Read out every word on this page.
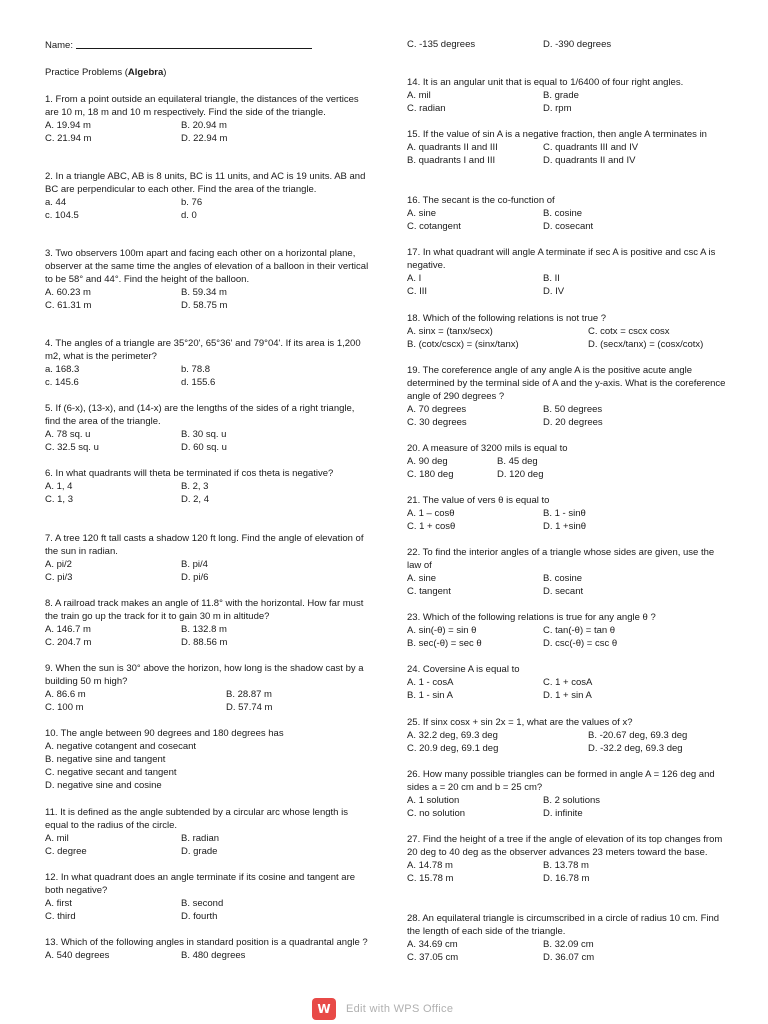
Name:
Practice Problems (Algebra)
1. From a point outside an equilateral triangle, the distances of the vertices are 10 m, 18 m and 10 m respectively. Find the side of the triangle.
A. 19.94 m	B. 20.94 m
C. 21.94 m	D. 22.94 m
2. In a triangle ABC, AB is 8 units, BC is 11 units, and AC is 19 units. AB and BC are perpendicular to each other. Find the area of the triangle.
a. 44	b. 76
c. 104.5	d. 0
3. Two observers 100m apart and facing each other on a horizontal plane, observer at the same time the angles of elevation of a balloon in their vertical to be 58° and 44°. Find the height of the balloon.
A. 60.23 m	B. 59.34 m
C. 61.31 m	D. 58.75 m
4. The angles of a triangle are 35°20', 65°36' and 79°04'. If its area is 1,200 m2, what is the perimeter?
a. 168.3	b. 78.8
c. 145.6	d. 155.6
5. If (6-x), (13-x), and (14-x) are the lengths of the sides of a right triangle, find the area of the triangle.
A. 78 sq. u	B. 30 sq. u
C. 32.5 sq. u	D. 60 sq. u
6. In what quadrants will theta be terminated if cos theta is negative?
A. 1, 4	B. 2, 3
C. 1, 3	D. 2, 4
7. A tree 120 ft tall casts a shadow 120 ft long. Find the angle of elevation of the sun in radian.
A. pi/2	B. pi/4
C. pi/3	D. pi/6
8. A railroad track makes an angle of 11.8° with the horizontal. How far must the train go up the track for it to gain 30 m in altitude?
A. 146.7 m	B. 132.8 m
C. 204.7 m	D. 88.56 m
9. When the sun is 30° above the horizon, how long is the shadow cast by a building 50 m high?
A. 86.6 m	B. 28.87 m
C. 100 m	D. 57.74 m
10. The angle between 90 degrees and 180 degrees has
A. negative cotangent and cosecant
B. negative sine and tangent
C. negative secant and tangent
D. negative sine and cosine
11. It is defined as the angle subtended by a circular arc whose length is equal to the radius of the circle.
A. mil	B. radian
C. degree	D. grade
12. In what quadrant does an angle terminate if its cosine and tangent are both negative?
A. first	B. second
C. third	D. fourth
13. Which of the following angles in standard position is a quadrantal angle ?
A. 540 degrees	B. 480 degrees
C. -135 degrees	D. -390 degrees
14. It is an angular unit that is equal to 1/6400 of four right angles.
A. mil	B. grade
C. radian	D. rpm
15. If the value of sin A is a negative fraction, then angle A terminates in
A. quadrants II and III	C. quadrants III and IV
B. quadrants I and III	D. quadrants II and IV
16. The secant is the co-function of
A. sine	B. cosine
C. cotangent	D. cosecant
17. In what quadrant will angle A terminate if sec A is positive and csc A is negative.
A. I	B. II
C. III	D. IV
18. Which of the following relations is not true ?
A. sinx = (tanx/secx)	C. cotx = cscx cosx
B. (cotx/cscx) = (sinx/tanx)	D. (secx/tanx) = (cosx/cotx)
19. The coreference angle of any angle A is the positive acute angle determined by the terminal side of A and the y-axis. What is the coreference angle of 290 degrees ?
A. 70 degrees	B. 50 degrees
C. 30 degrees	D. 20 degrees
20. A measure of 3200 mils is equal to
A. 90 deg	B. 45 deg
C. 180 deg	D. 120 deg
21. The value of vers θ is equal to
A. 1 – cosθ	B. 1 - sinθ
C. 1 + cosθ	D. 1 +sinθ
22. To find the interior angles of a triangle whose sides are given, use the law of
A. sine	B. cosine
C. tangent	D. secant
23. Which of the following relations is true for any angle θ ?
A. sin(-θ) = sin θ	C. tan(-θ) = tan θ
B. sec(-θ) = sec θ	D. csc(-θ) = csc θ
24. Coversine A is equal to
A. 1 - cosA	C. 1 + cosA
B. 1 - sin A	D. 1 + sin A
25. If sinx cosx + sin 2x = 1, what are the values of x?
A. 32.2 deg, 69.3 deg	B. -20.67 deg, 69.3 deg
C. 20.9 deg, 69.1 deg	D. -32.2 deg, 69.3 deg
26. How many possible triangles can be formed in angle A = 126 deg and sides a = 20 cm and b = 25 cm?
A. 1 solution	B. 2 solutions
C. no solution	D. infinite
27. Find the height of a tree if the angle of elevation of its top changes from 20 deg to 40 deg as the observer advances 23 meters toward the base.
A. 14.78 m	B. 13.78 m
C. 15.78 m	D. 16.78 m
28. An equilateral triangle is circumscribed in a circle of radius 10 cm. Find the length of each side of the triangle.
A. 34.69 cm	B. 32.09 cm
C. 37.05 cm	D. 36.07 cm
W	Edit with WPS Office
